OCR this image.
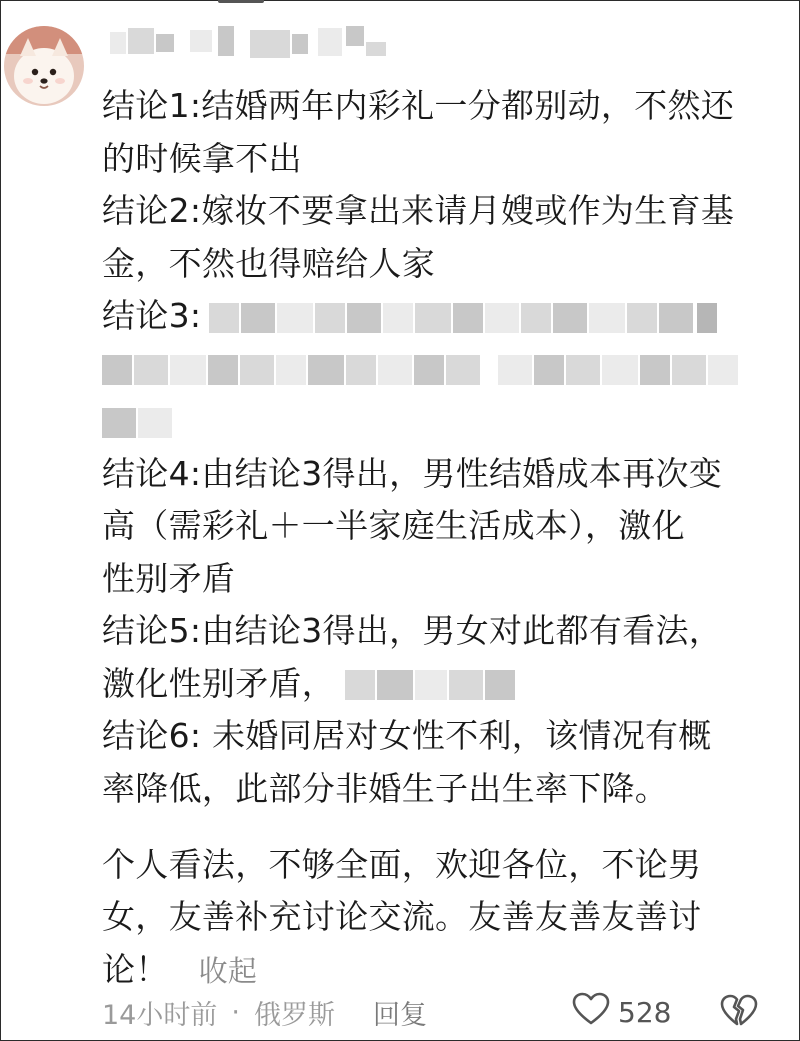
结论1:结婚两年内彩礼一分都别动，不然还
的时候拿不出
结论2:嫁妆不要拿出来请月嫂或作为生育基
金，不然也得赔给人家
结论3:
结论4:由结论3得出，男性结婚成本再次变
高（需彩礼＋一半家庭生活成本），激化
性别矛盾
结论5:由结论3得出，男女对此都有看法，
激化性别矛盾，
结论6: 未婚同居对女性不利，该情况有概
率降低，此部分非婚生子出生率下降。
个人看法，不够全面，欢迎各位，不论男
女，友善补充讨论交流。友善友善友善讨
论！ 收起
14小时前 · 俄罗斯 回复	528
